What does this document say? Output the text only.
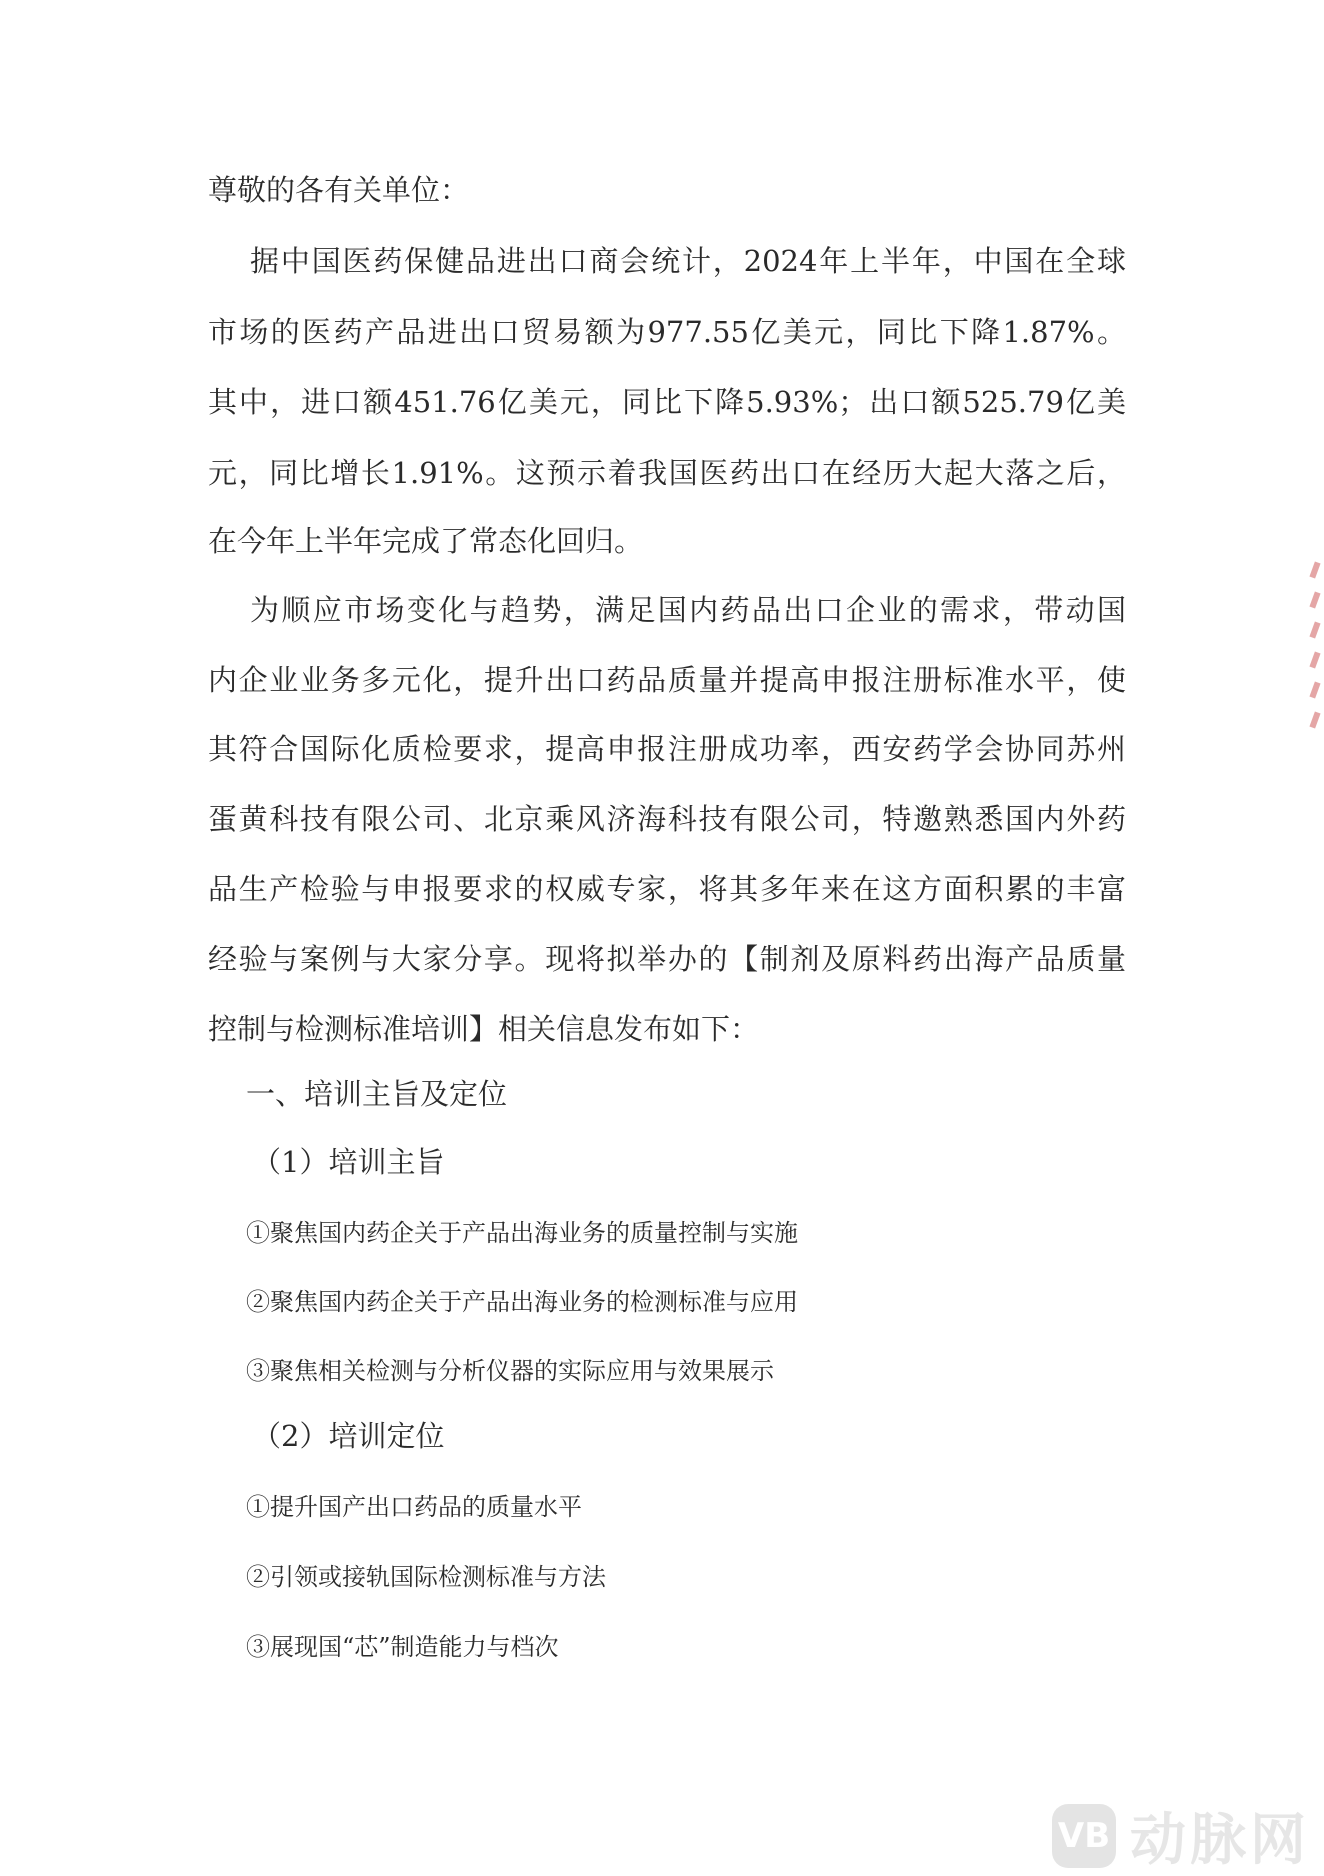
尊敬的各有关单位：
据中国医药保健品进出口商会统计，2024年上半年，中国在全球
市场的医药产品进出口贸易额为977.55亿美元，同比下降1.87%。
其中，进口额451.76亿美元，同比下降5.93%；出口额525.79亿美
元，同比增长1.91%。这预示着我国医药出口在经历大起大落之后，
在今年上半年完成了常态化回归。
为顺应市场变化与趋势，满足国内药品出口企业的需求，带动国
内企业业务多元化，提升出口药品质量并提高申报注册标准水平，使
其符合国际化质检要求，提高申报注册成功率，西安药学会协同苏州
蛋黄科技有限公司、北京乘风济海科技有限公司，特邀熟悉国内外药
品生产检验与申报要求的权威专家，将其多年来在这方面积累的丰富
经验与案例与大家分享。现将拟举办的【制剂及原料药出海产品质量
控制与检测标准培训】相关信息发布如下：
一、培训主旨及定位
（1）培训主旨
①聚焦国内药企关于产品出海业务的质量控制与实施
②聚焦国内药企关于产品出海业务的检测标准与应用
③聚焦相关检测与分析仪器的实际应用与效果展示
（2）培训定位
①提升国产出口药品的质量水平
②引领或接轨国际检测标准与方法
③展现国“芯”制造能力与档次
VB 动脉网
